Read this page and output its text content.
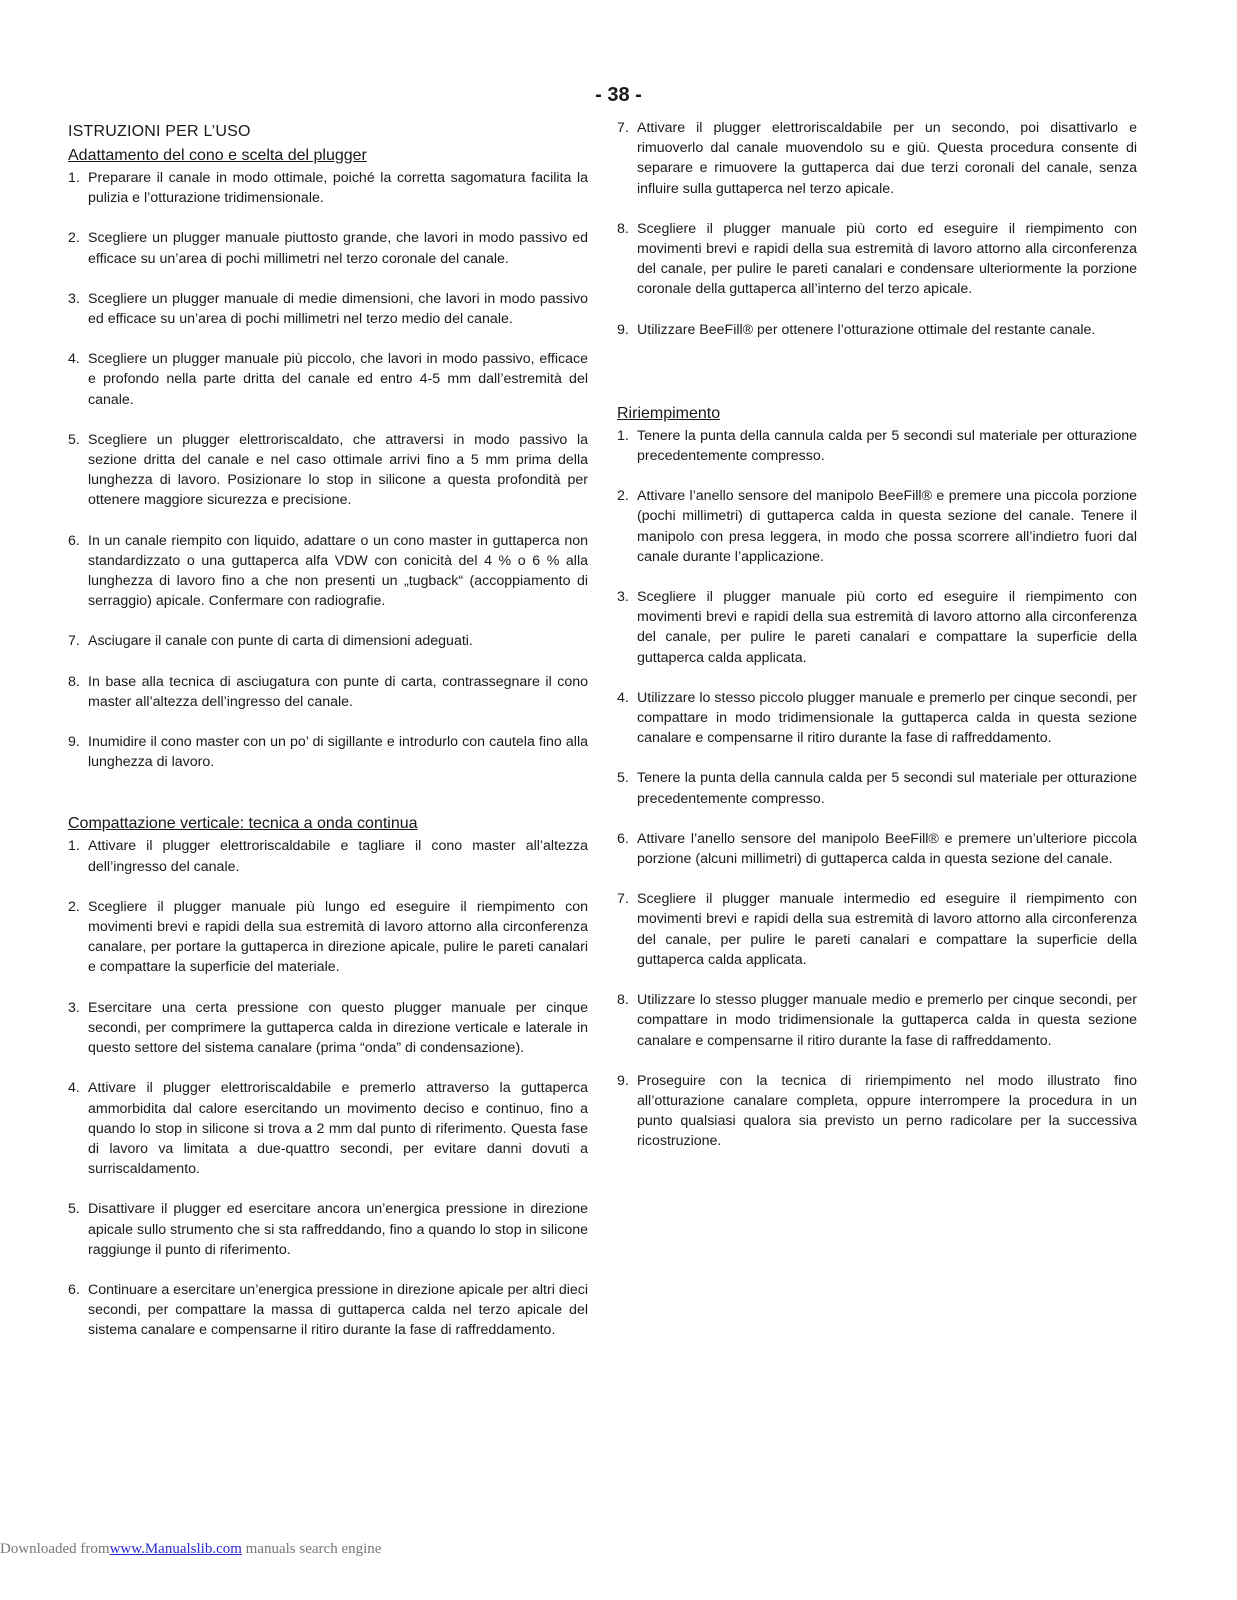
- 38 -
ISTRUZIONI PER L’USO
Adattamento del cono e scelta del plugger
1. Preparare il canale in modo ottimale, poiché la corretta sagomatura facilita la pulizia e l’otturazione tridimensionale.
2. Scegliere un plugger manuale piuttosto grande, che lavori in modo passivo ed efficace su un’area di pochi millimetri nel terzo coronale del canale.
3. Scegliere un plugger manuale di medie dimensioni, che lavori in modo passivo ed efficace su un’area di pochi millimetri nel terzo medio del canale.
4. Scegliere un plugger manuale più piccolo, che lavori in modo passivo, efficace e profondo nella parte dritta del canale ed entro 4-5 mm dall’estremità del canale.
5. Scegliere un plugger elettroriscaldato, che attraversi in modo passivo la sezione dritta del canale e nel caso ottimale arrivi fino a 5 mm prima della lunghezza di lavoro. Posizionare lo stop in silicone a questa profondità per ottenere maggiore sicurezza e precisione.
6. In un canale riempito con liquido, adattare o un cono master in guttaperca non standardizzato o una guttaperca alfa VDW con conicità del 4 % o 6 % alla lunghezza di lavoro fino a che non presenti un „tugback“ (accoppiamento di serraggio) apicale. Confermare con radiografie.
7. Asciugare il canale con punte di carta di dimensioni adeguati.
8. In base alla tecnica di asciugatura con punte di carta, contrassegnare il cono master all’altezza dell’ingresso del canale.
9. Inumidire il cono master con un po’ di sigillante e introdurlo con cautela fino alla lunghezza di lavoro.
Compattazione verticale: tecnica a onda continua
1. Attivare il plugger elettroriscaldabile e tagliare il cono master all’altezza dell’ingresso del canale.
2. Scegliere il plugger manuale più lungo ed eseguire il riempimento con movimenti brevi e rapidi della sua estremità di lavoro attorno alla circonferenza canalare, per portare la guttaperca in direzione apicale, pulire le pareti canalari e compattare la superficie del materiale.
3. Esercitare una certa pressione con questo plugger manuale per cinque secondi, per comprimere la guttaperca calda in direzione verticale e laterale in questo settore del sistema canalare (prima “onda” di condensazione).
4. Attivare il plugger elettroriscaldabile e premerlo attraverso la guttaperca ammorbidita dal calore esercitando un movimento deciso e continuo, fino a quando lo stop in silicone si trova a 2 mm dal punto di riferimento. Questa fase di lavoro va limitata a due-quattro secondi, per evitare danni dovuti a surriscaldamento.
5. Disattivare il plugger ed esercitare ancora un’energica pressione in direzione apicale sullo strumento che si sta raffreddando, fino a quando lo stop in silicone raggiunge il punto di riferimento.
6. Continuare a esercitare un’energica pressione in direzione apicale per altri dieci secondi, per compattare la massa di guttaperca calda nel terzo apicale del sistema canalare e compensarne il ritiro durante la fase di raffreddamento.
7. Attivare il plugger elettroriscaldabile per un secondo, poi disattivarlo e rimuoverlo dal canale muovendolo su e giù. Questa procedura consente di separare e rimuovere la guttaperca dai due terzi coronali del canale, senza influire sulla guttaperca nel terzo apicale.
8. Scegliere il plugger manuale più corto ed eseguire il riempimento con movimenti brevi e rapidi della sua estremità di lavoro attorno alla circonferenza del canale, per pulire le pareti canalari e condensare ulteriormente la porzione coronale della guttaperca all’interno del terzo apicale.
9. Utilizzare BeeFill® per ottenere l’otturazione ottimale del restante canale.
Ririempimento
1. Tenere la punta della cannula calda per 5 secondi sul materiale per otturazione precedentemente compresso.
2. Attivare l’anello sensore del manipolo BeeFill® e premere una piccola porzione (pochi millimetri) di guttaperca calda in questa sezione del canale. Tenere il manipolo con presa leggera, in modo che possa scorrere all’indietro fuori dal canale durante l’applicazione.
3. Scegliere il plugger manuale più corto ed eseguire il riempimento con movimenti brevi e rapidi della sua estremità di lavoro attorno alla circonferenza del canale, per pulire le pareti canalari e compattare la superficie della guttaperca calda applicata.
4. Utilizzare lo stesso piccolo plugger manuale e premerlo per cinque secondi, per compattare in modo tridimensionale la guttaperca calda in questa sezione canalare e compensarne il ritiro durante la fase di raffreddamento.
5. Tenere la punta della cannula calda per 5 secondi sul materiale per otturazione precedentemente compresso.
6. Attivare l’anello sensore del manipolo BeeFill® e premere un’ulteriore piccola porzione (alcuni millimetri) di guttaperca calda in questa sezione del canale.
7. Scegliere il plugger manuale intermedio ed eseguire il riempimento con movimenti brevi e rapidi della sua estremità di lavoro attorno alla circonferenza del canale, per pulire le pareti canalari e compattare la superficie della guttaperca calda applicata.
8. Utilizzare lo stesso plugger manuale medio e premerlo per cinque secondi, per compattare in modo tridimensionale la guttaperca calda in questa sezione canalare e compensarne il ritiro durante la fase di raffreddamento.
9. Proseguire con la tecnica di ririempimento nel modo illustrato fino all’otturazione canalare completa, oppure interrompere la procedura in un punto qualsiasi qualora sia previsto un perno radicolare per la successiva ricostruzione.
Downloaded fromwww.Manualslib.com manuals search engine
